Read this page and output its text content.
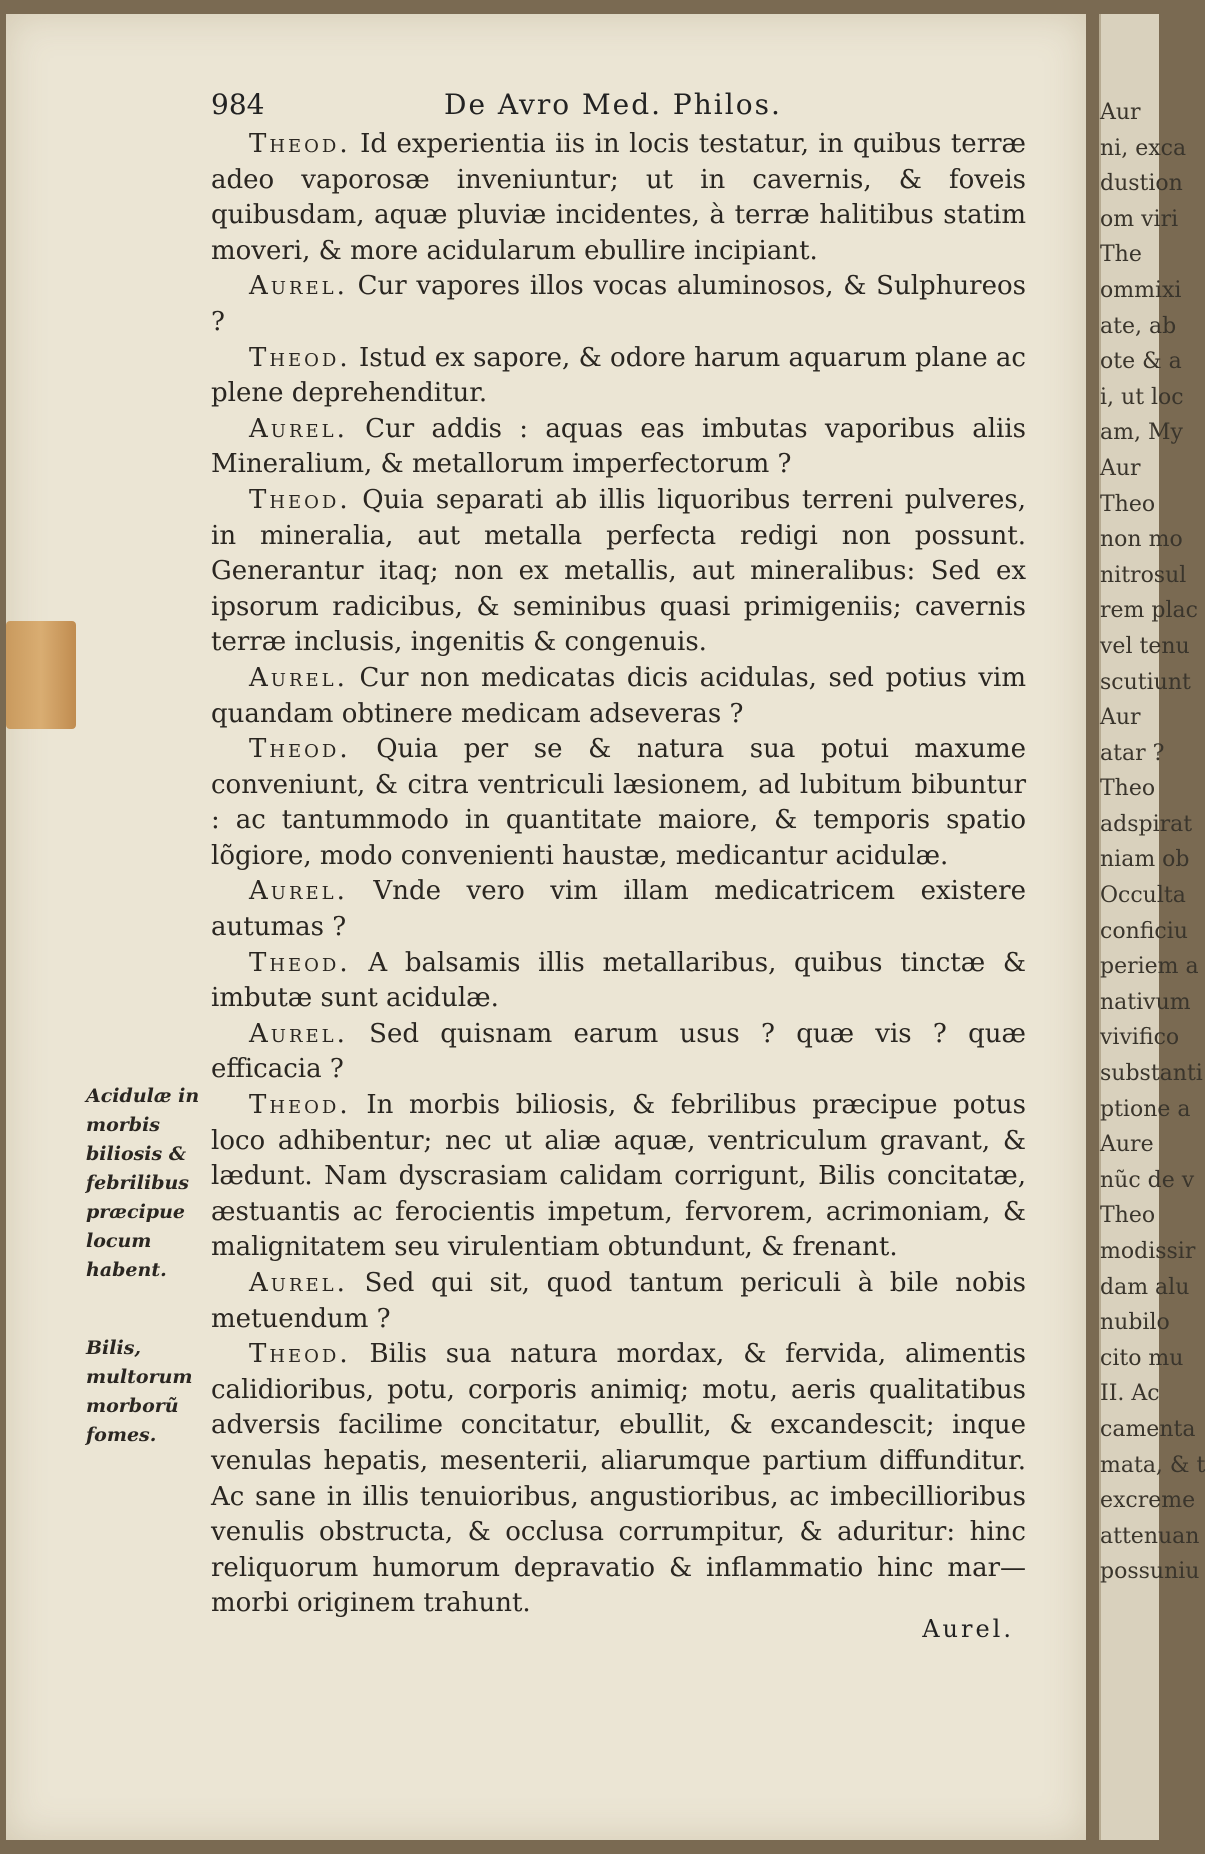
984	De Avro Med. Philos.

Theod. Id experientia iis in locis testatur, in quibus terræ adeo vaporosæ inveniuntur; ut in cavernis, & foveis quibusdam, aquæ pluviæ incidentes, à terræ halitibus statim moveri, & more acidularum ebullire incipiant.

Aurel. Cur vapores illos vocas aluminosos, & Sulphureos ?

Theod. Istud ex sapore, & odore harum aquarum plane ac plene deprehenditur.

Aurel. Cur addis : aquas eas imbutas vaporibus aliis Mineralium, & metallorum imperfectorum ?

Theod. Quia separati ab illis liquoribus terreni pulveres, in mineralia, aut metalla perfecta redigi non possunt. Generantur itaq; non ex metallis, aut mineralibus: Sed ex ipsorum radicibus, & seminibus quasi primigeniis; cavernis terræ inclusis, ingenitis & congenuis.

Aurel. Cur non medicatas dicis acidulas, sed potius vim quandam obtinere medicam adseveras ?

Theod. Quia per se & natura sua potui maxume conveniunt, & citra ventriculi læsionem, ad lubitum bibuntur : ac tantummodo in quantitate maiore, & temporis spatio lõgiore, modo convenienti haustæ, medicantur acidulæ.

Aurel. Vnde vero vim illam medicatricem existere autumas ?

Theod. A balsamis illis metallaribus, quibus tinctæ & imbutæ sunt acidulæ.

Aurel. Sed quisnam earum usus ? quæ vis ? quæ efficacia ?

Theod. In morbis biliosis, & febrilibus præcipue potus loco adhibentur; nec ut aliæ aquæ, ventriculum gravant, & lædunt. Nam dyscrasiam calidam corrigunt, Bilis concitatæ, æstuantis ac ferocientis impetum, fervorem, acrimoniam, & malignitatem seu virulentiam obtundunt, & frenant.

Aurel. Sed qui sit, quod tantum periculi à bile nobis metuendum ?

Theod. Bilis sua natura mordax, & fervida, alimentis calidioribus, potu, corporis animiq; motu, aeris qualitatibus adversis facilime concitatur, ebullit, & excandescit; inque venulas hepatis, mesenterii, aliarumque partium diffunditur. Ac sane in illis tenuioribus, angustioribus, ac imbecillioribus venulis obstructa, & occlusa corrumpitur, & aduritur: hinc reliquorum humorum depravatio & inflammatio hinc mar— morbi originem trahunt.

Acidulæ in morbis biliosis & febrilibus præcipue locum habent.
Bilis, multorum morborũ fomes.
Aurel.
Aur
ni, exca
dustion
om viri
The
ommixi
ate, ab
ote & a
i, ut loc
am, My
Aur
Theo
non mo
nitrosul
rem plac
vel tenu
scutiunt
Aur
atar ?
Theo
adspirat
niam ob
Occulta
conficiu
periem a
nativum
vivifico
substanti
ptione a
Aure
nũc de v
Theo
modissir
dam alu
nubilo
cito mu
II. Ac
camenta
mata, & t
excreme
attenuan
possuniu
